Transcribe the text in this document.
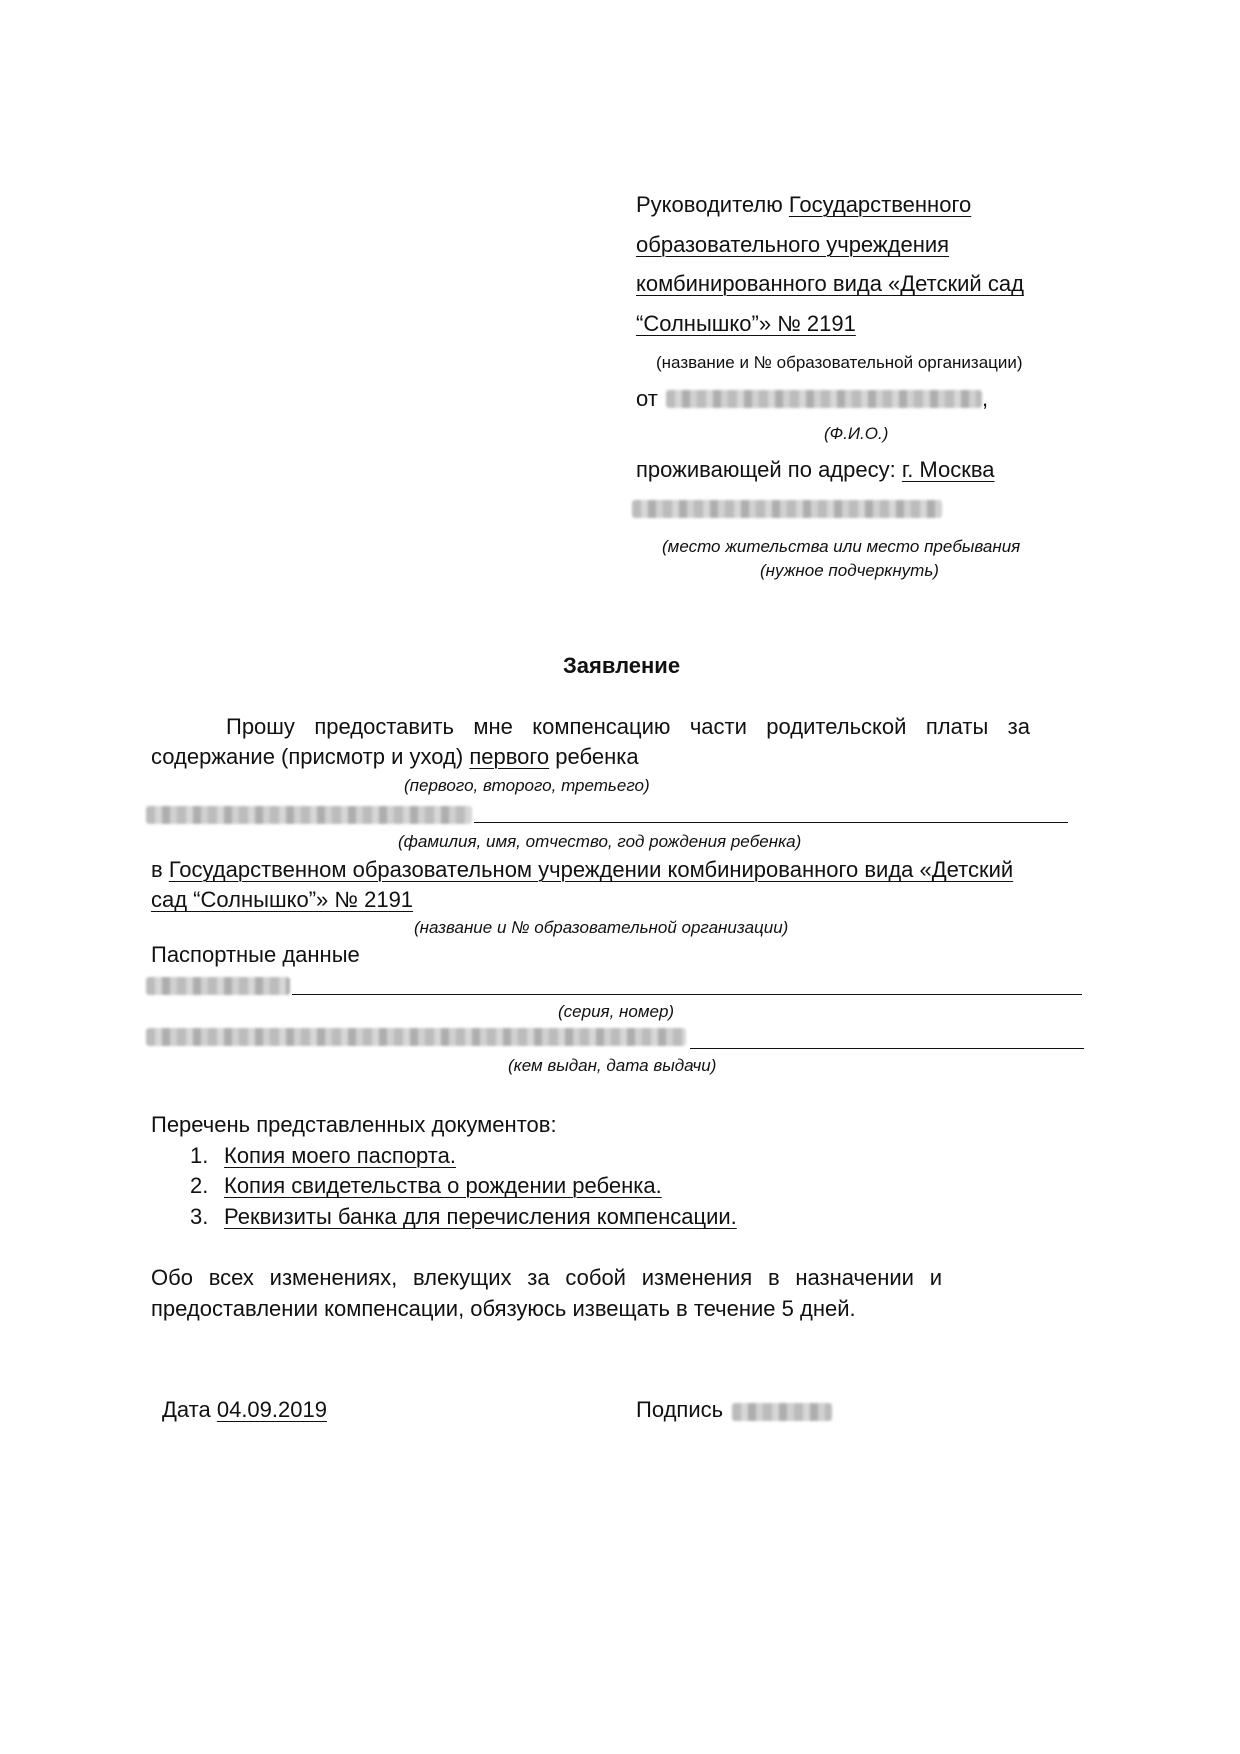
Руководителю Государственного
образовательного учреждения
комбинированного вида «Детский сад
“Солнышко”» № 2191
(название и № образовательной организации)
от	,
(Ф.И.О.)
проживающей по адресу: г. Москва
(место жительства или место пребывания
(нужное подчеркнуть)
Заявление
Прошу предоставить мне компенсацию части родительской платы за
содержание (присмотр и уход) первого ребенка
(первого, второго, третьего)
(фамилия, имя, отчество, год рождения ребенка)
в Государственном образовательном учреждении комбинированного вида «Детский
сад “Солнышко”» № 2191
(название и № образовательной организации)
Паспортные данные
(серия, номер)
(кем выдан, дата выдачи)
Перечень представленных документов:
1. Копия моего паспорта.
2. Копия свидетельства о рождении ребенка.
3. Реквизиты банка для перечисления компенсации.
Обо всех изменениях, влекущих за собой изменения в назначении и
предоставлении компенсации, обязуюсь извещать в течение 5 дней.
Дата 04.09.2019	Подпись
